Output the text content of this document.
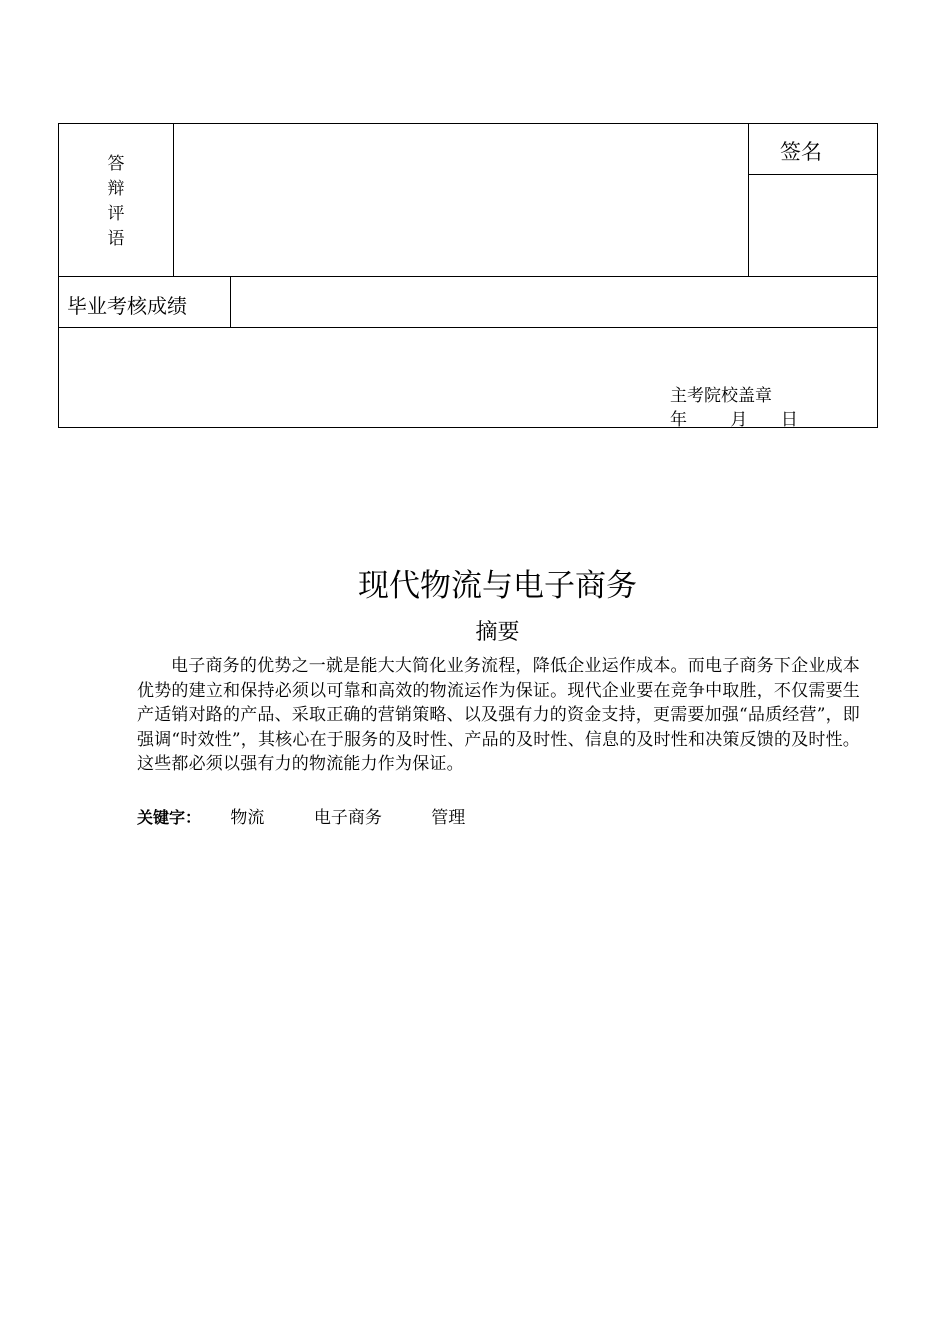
答
辩
评
语
签名
毕业考核成绩
主考院校盖章
年	月 日
现代物流与电子商务
摘要
电子商务的优势之一就是能大大简化业务流程，降低企业运作成本。而电子商务下企业成本优势的建立和保持必须以可靠和高效的物流运作为保证。现代企业要在竞争中取胜，不仅需要生产适销对路的产品、采取正确的营销策略、以及强有力的资金支持，更需要加强“品质经营”，即强调“时效性”，其核心在于服务的及时性、产品的及时性、信息的及时性和决策反馈的及时性。这些都必须以强有力的物流能力作为保证。
关键字： 物流	电子商务	管理
